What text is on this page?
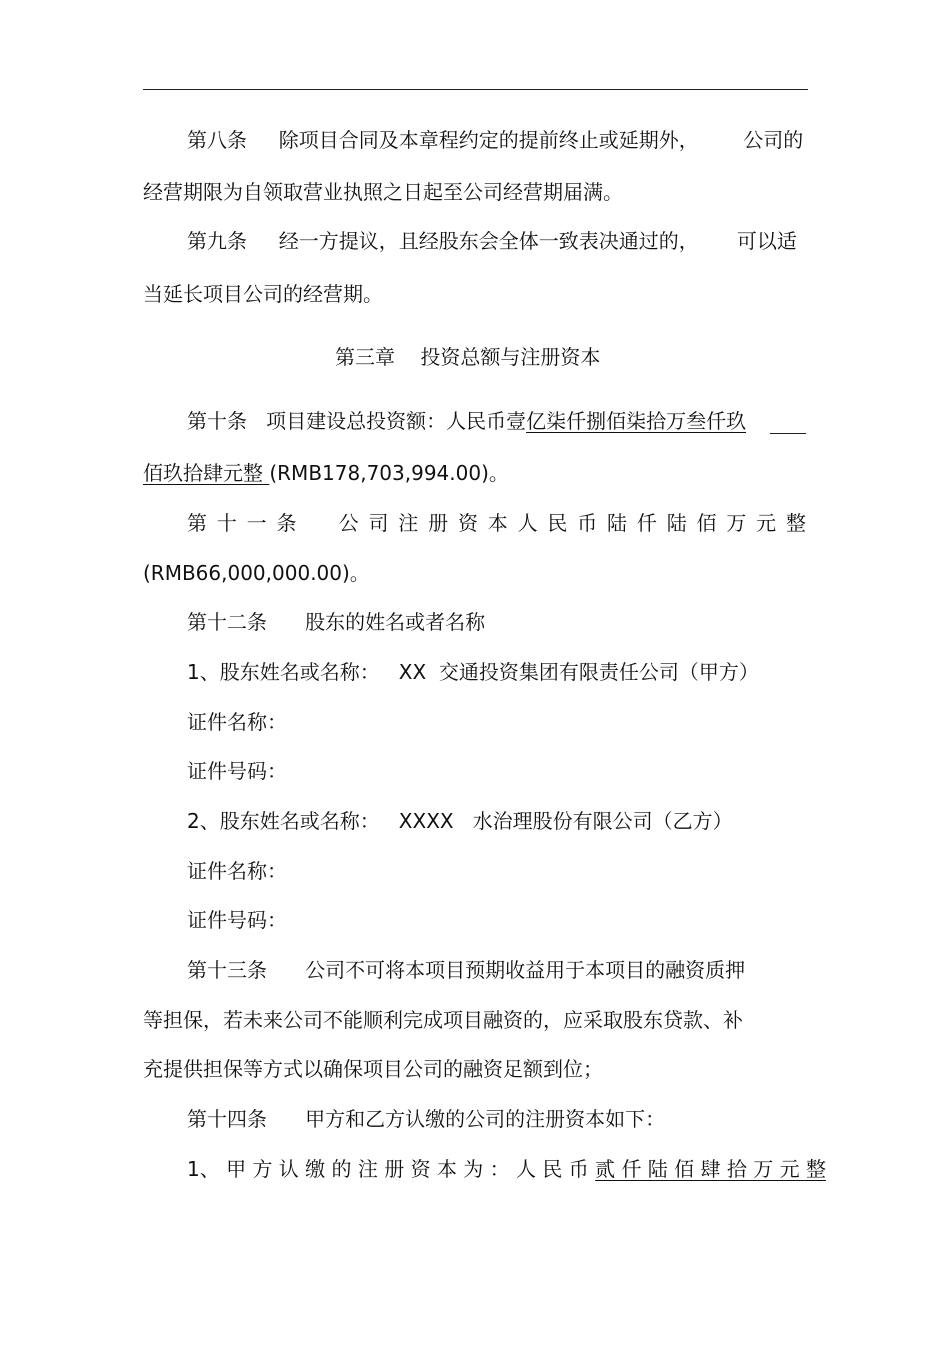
第八条     除项目合同及本章程约定的提前终止或延期外，       公司的
经营期限为自领取营业执照之日起至公司经营期届满。
第九条     经一方提议，且经股东会全体一致表决通过的，      可以适
当延长项目公司的经营期。
第三章    投资总额与注册资本
第十条   项目建设总投资额：人民币壹亿柒仟捌佰柒拾万叁仟玖
佰玖拾肆元整 (RMB178,703,994.00)。
第十一条  公司注册资本人民币陆仟陆佰万元整
(RMB66,000,000.00)。
第十二条      股东的姓名或者名称
1、股东姓名或名称：   XX  交通投资集团有限责任公司（甲方）
证件名称：
证件号码：
2、股东姓名或名称：   XXXX   水治理股份有限公司（乙方）
证件名称：
证件号码：
第十三条      公司不可将本项目预期收益用于本项目的融资质押
等担保，若未来公司不能顺利完成项目融资的，应采取股东贷款、补
充提供担保等方式以确保项目公司的融资足额到位；
第十四条      甲方和乙方认缴的公司的注册资本如下：
1、 甲 方 认 缴 的 注 册 资 本 为 ： 人 民 币 贰 仟 陆 佰 肆 拾 万 元 整
